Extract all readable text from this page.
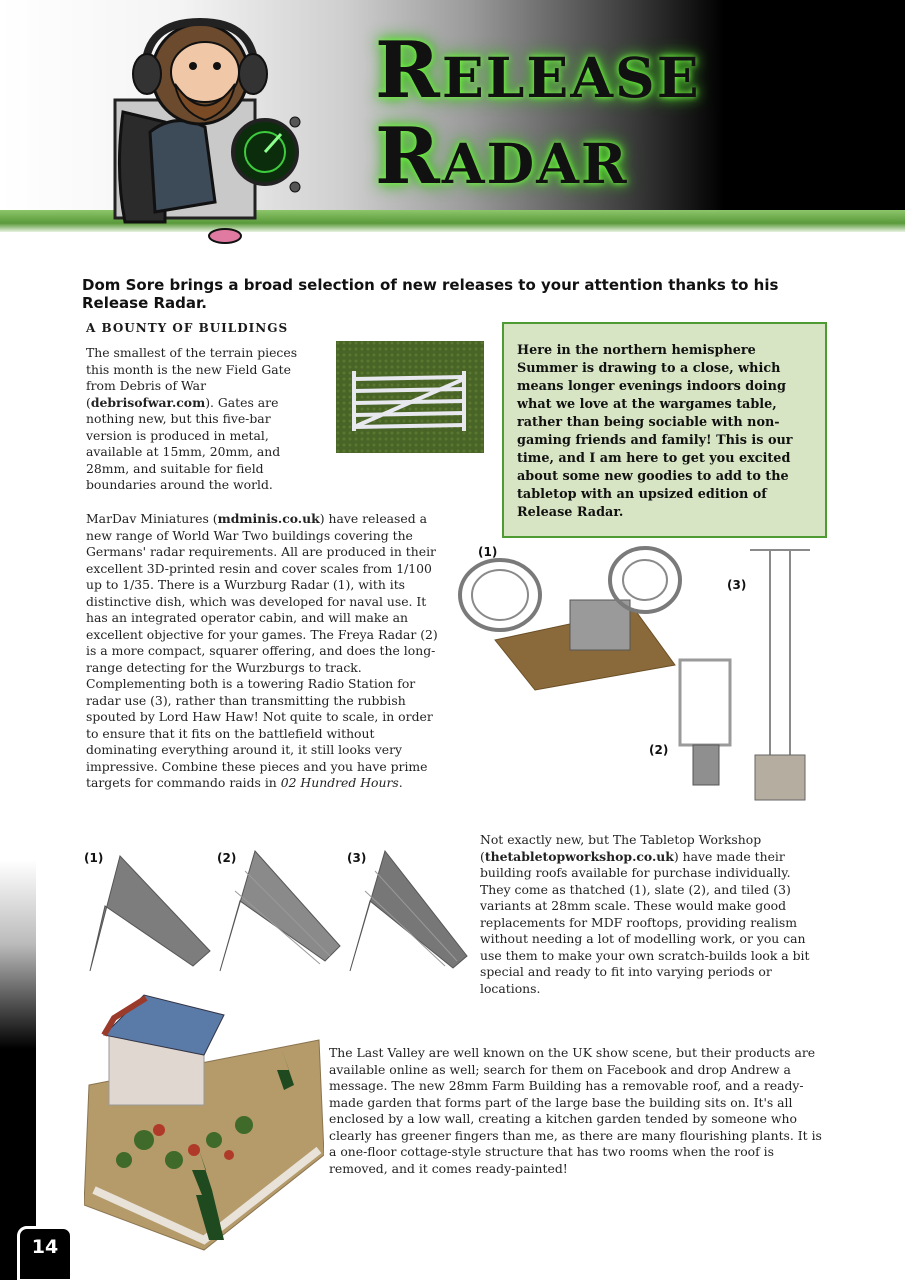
Release
Radar
Dom Sore brings a broad selection of new releases to your attention thanks to his Release Radar.
A BOUNTY OF BUILDINGS
The smallest of the terrain pieces this month is the new Field Gate from Debris of War (debrisofwar.com). Gates are nothing new, but this five-bar version is produced in metal, available at 15mm, 20mm, and 28mm, and suitable for field boundaries around the world.
Here in the northern hemisphere Summer is drawing to a close, which means longer evenings indoors doing what we love at the wargames table, rather than being sociable with non-gaming friends and family! This is our time, and I am here to get you excited about some new goodies to add to the tabletop with an upsized edition of Release Radar.
MarDav Miniatures (mdminis.co.uk) have released a new range of World War Two buildings covering the Germans' radar requirements. All are produced in their excellent 3D-printed resin and cover scales from 1/100 up to 1/35. There is a Wurzburg Radar (1), with its distinctive dish, which was developed for naval use. It has an integrated operator cabin, and will make an excellent objective for your games. The Freya Radar (2) is a more compact, squarer offering, and does the long-range detecting for the Wurzburgs to track. Complementing both is a towering Radio Station for radar use (3), rather than transmitting the rubbish spouted by Lord Haw Haw! Not quite to scale, in order to ensure that it fits on the battlefield without dominating everything around it, it still looks very impressive. Combine these pieces and you have prime targets for commando raids in 02 Hundred Hours.
(1)
(3)
(2)
(1)	(2)	(3)
Not exactly new, but The Tabletop Workshop (thetabletopworkshop.co.uk) have made their building roofs available for purchase individually. They come as thatched (1), slate (2), and tiled (3) variants at 28mm scale. These would make good replacements for MDF rooftops, providing realism without needing a lot of modelling work, or you can use them to make your own scratch-builds look a bit special and ready to fit into varying periods or locations.
The Last Valley are well known on the UK show scene, but their products are available online as well; search for them on Facebook and drop Andrew a message. The new 28mm Farm Building has a removable roof, and a ready-made garden that forms part of the large base the building sits on. It's all enclosed by a low wall, creating a kitchen garden tended by someone who clearly has greener fingers than me, as there are many flourishing plants. It is a one-floor cottage-style structure that has two rooms when the roof is removed, and it comes ready-painted!
14
